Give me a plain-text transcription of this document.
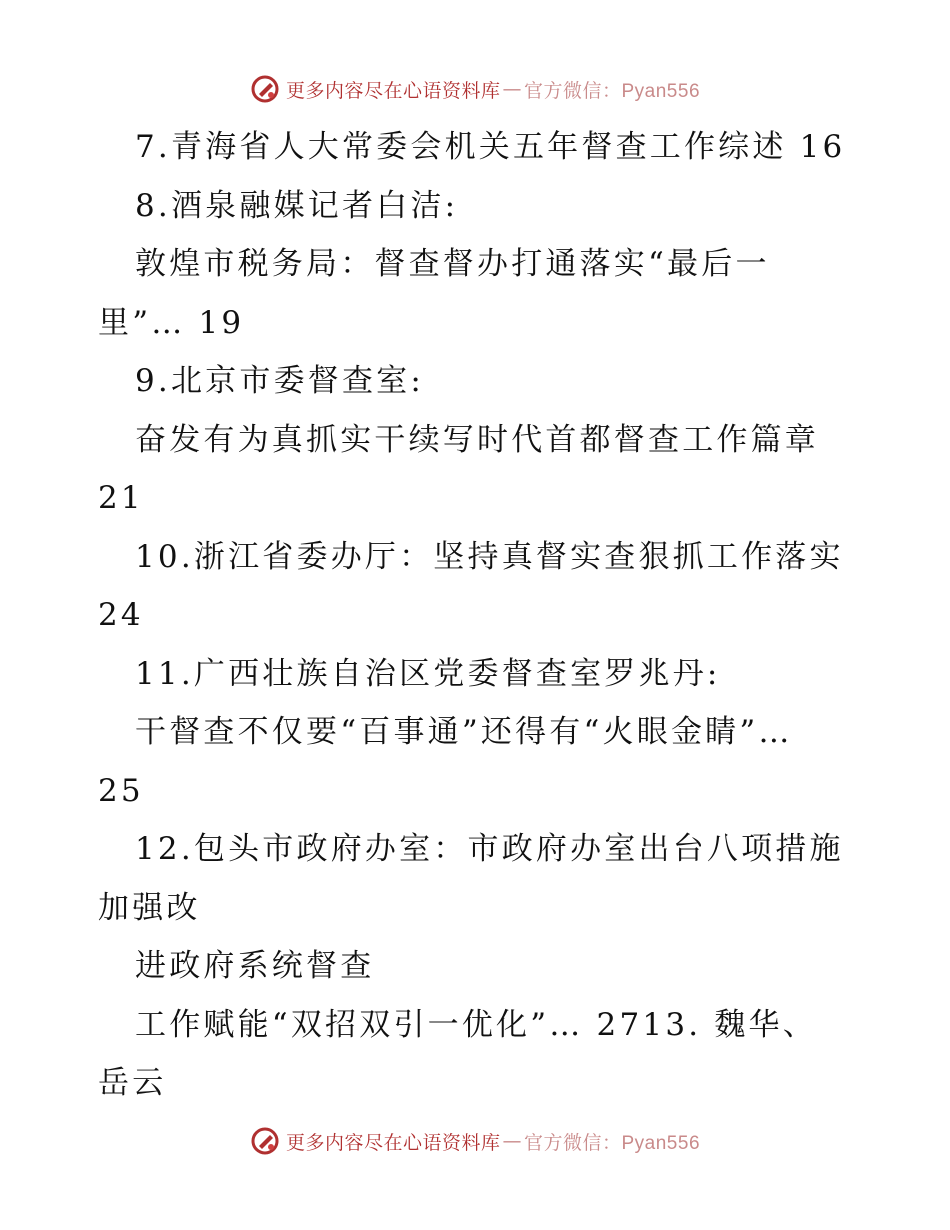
更多内容尽在心语资料库 — 官方微信：Pyan556
7.青海省人大常委会机关五年督查工作综述 16
8.酒泉融媒记者白洁:
敦煌市税务局：督查督办打通落实“最后一
里”… 19
9.北京市委督查室:
奋发有为真抓实干续写时代首都督查工作篇章
21
10.浙江省委办厅：坚持真督实查狠抓工作落实
24
11.广西壮族自治区党委督查室罗兆丹:
干督查不仅要“百事通”还得有“火眼金睛”…
25
12.包头市政府办室：市政府办室出台八项措施
加强改
进政府系统督查
工作赋能“双招双引一优化”… 2713. 魏华、
岳云
更多内容尽在心语资料库 — 官方微信：Pyan556
